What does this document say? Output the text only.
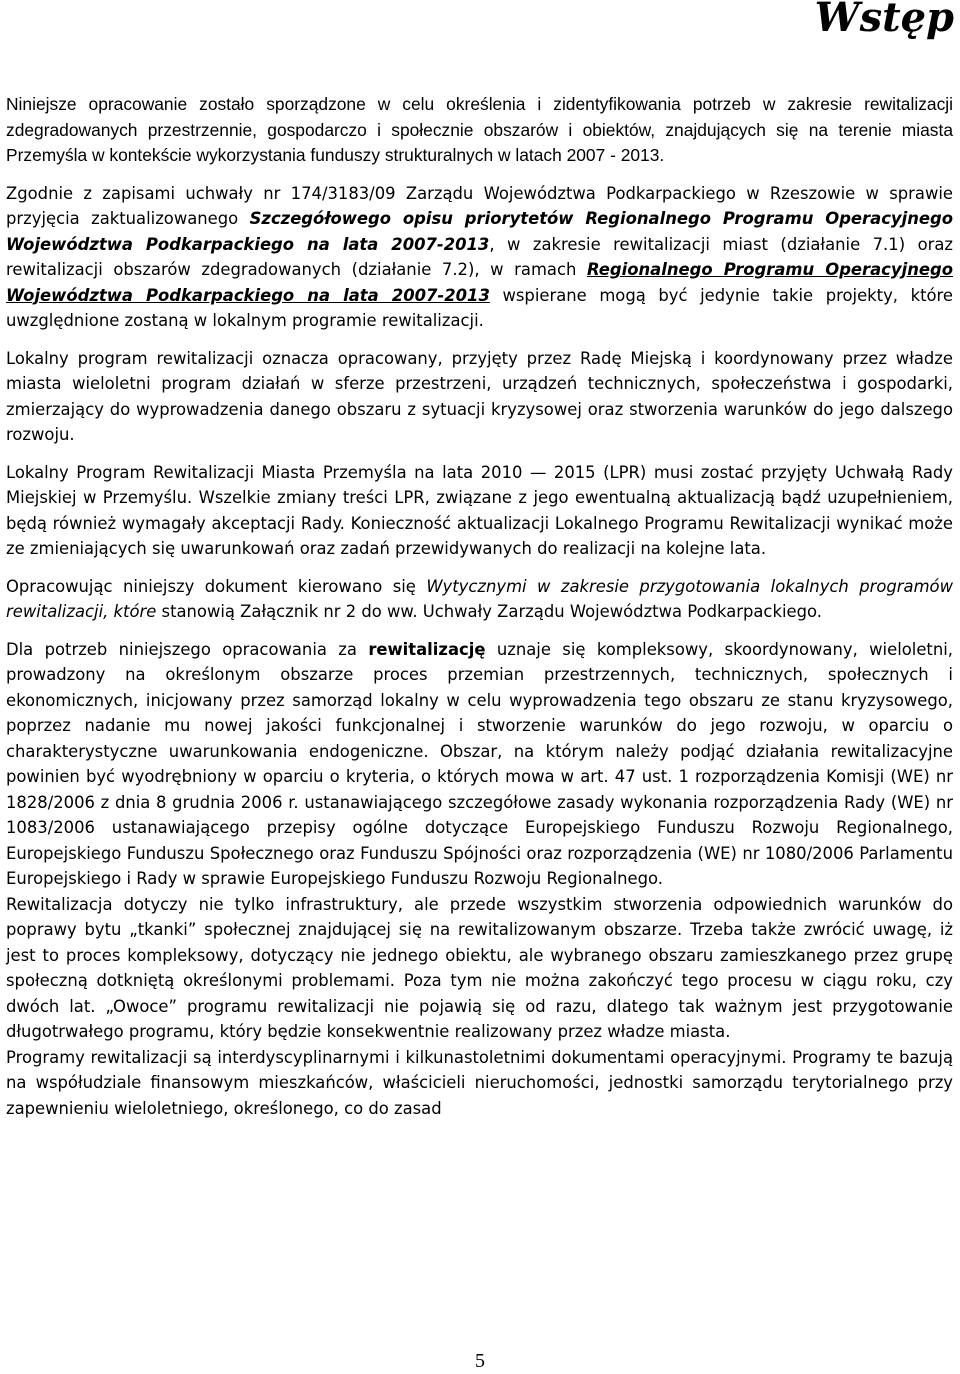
Wstęp

Niniejsze opracowanie zostało sporządzone w celu określenia i zidentyfikowania potrzeb w zakresie rewitalizacji zdegradowanych przestrzennie, gospodarczo i społecznie obszarów i obiektów, znajdujących się na terenie miasta Przemyśla w kontekście wykorzystania funduszy strukturalnych w latach 2007 - 2013.

Zgodnie z zapisami uchwały nr 174/3183/09 Zarządu Województwa Podkarpackiego w Rzeszowie w sprawie przyjęcia zaktualizowanego Szczegółowego opisu priorytetów Regionalnego Programu Operacyjnego Województwa Podkarpackiego na lata 2007-2013, w zakresie rewitalizacji miast (działanie 7.1) oraz rewitalizacji obszarów zdegradowanych (działanie 7.2), w ramach Regionalnego Programu Operacyjnego Województwa Podkarpackiego na lata 2007-2013 wspierane mogą być jedynie takie projekty, które uwzględnione zostaną w lokalnym programie rewitalizacji.

Lokalny program rewitalizacji oznacza opracowany, przyjęty przez Radę Miejską i koordynowany przez władze miasta wieloletni program działań w sferze przestrzeni, urządzeń technicznych, społeczeństwa i gospodarki, zmierzający do wyprowadzenia danego obszaru z sytuacji kryzysowej oraz stworzenia warunków do jego dalszego rozwoju.

Lokalny Program Rewitalizacji Miasta Przemyśla na lata 2010 — 2015 (LPR) musi zostać przyjęty Uchwałą Rady Miejskiej w Przemyślu. Wszelkie zmiany treści LPR, związane z jego ewentualną aktualizacją bądź uzupełnieniem, będą również wymagały akceptacji Rady. Konieczność aktualizacji Lokalnego Programu Rewitalizacji wynikać może ze zmieniających się uwarunkowań oraz zadań przewidywanych do realizacji na kolejne lata.

Opracowując niniejszy dokument kierowano się Wytycznymi w zakresie przygotowania lokalnych programów rewitalizacji, które stanowią Załącznik nr 2 do ww. Uchwały Zarządu Województwa Podkarpackiego.

Dla potrzeb niniejszego opracowania za rewitalizację uznaje się kompleksowy, skoordynowany, wieloletni, prowadzony na określonym obszarze proces przemian przestrzennych, technicznych, społecznych i ekonomicznych, inicjowany przez samorząd lokalny w celu wyprowadzenia tego obszaru ze stanu kryzysowego, poprzez nadanie mu nowej jakości funkcjonalnej i stworzenie warunków do jego rozwoju, w oparciu o charakterystyczne uwarunkowania endogeniczne. Obszar, na którym należy podjąć działania rewitalizacyjne powinien być wyodrębniony w oparciu o kryteria, o których mowa w art. 47 ust. 1 rozporządzenia Komisji (WE) nr 1828/2006 z dnia 8 grudnia 2006 r. ustanawiającego szczegółowe zasady wykonania rozporządzenia Rady (WE) nr 1083/2006 ustanawiającego przepisy ogólne dotyczące Europejskiego Funduszu Rozwoju Regionalnego, Europejskiego Funduszu Społecznego oraz Funduszu Spójności oraz rozporządzenia (WE) nr 1080/2006 Parlamentu Europejskiego i Rady w sprawie Europejskiego Funduszu Rozwoju Regionalnego.

Rewitalizacja dotyczy nie tylko infrastruktury, ale przede wszystkim stworzenia odpowiednich warunków do poprawy bytu „tkanki” społecznej znajdującej się na rewitalizowanym obszarze. Trzeba także zwrócić uwagę, iż jest to proces kompleksowy, dotyczący nie jednego obiektu, ale wybranego obszaru zamieszkanego przez grupę społeczną dotkniętą określonymi problemami. Poza tym nie można zakończyć tego procesu w ciągu roku, czy dwóch lat. „Owoce” programu rewitalizacji nie pojawią się od razu, dlatego tak ważnym jest przygotowanie długotrwałego programu, który będzie konsekwentnie realizowany przez władze miasta.

Programy rewitalizacji są interdyscyplinarnymi i kilkunastoletnimi dokumentami operacyjnymi. Programy te bazują na współudziale finansowym mieszkańców, właścicieli nieruchomości, jednostki samorządu terytorialnego przy zapewnieniu wieloletniego, określonego, co do zasad

5
